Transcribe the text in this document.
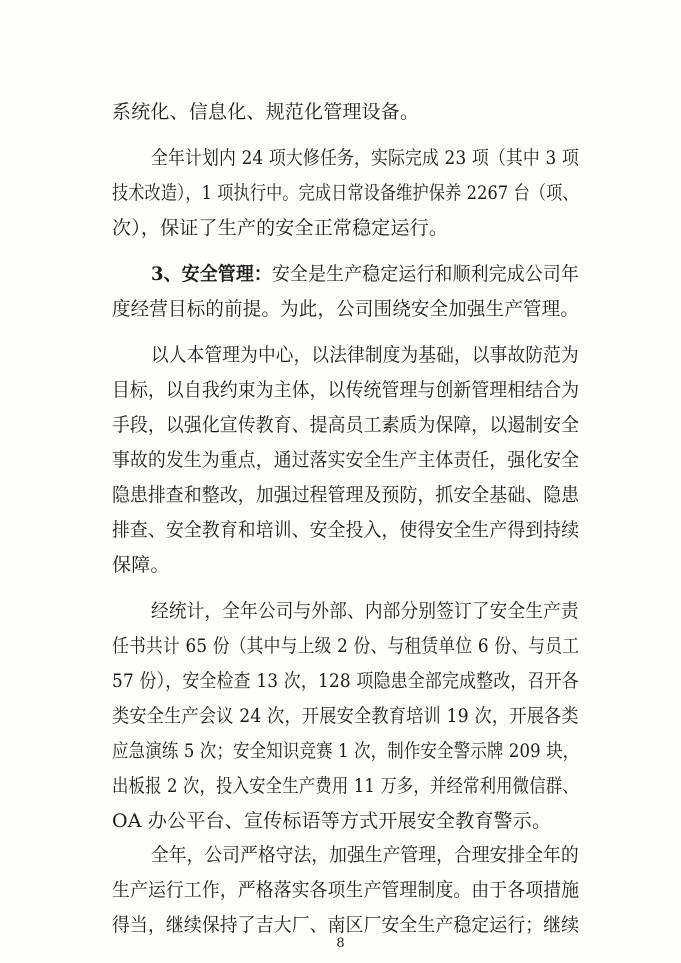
系统化、信息化、规范化管理设备。
全年计划内 24 项大修任务，实际完成 23 项（其中 3 项
技术改造），1 项执行中。完成日常设备维护保养 2267 台（项、
次），保证了生产的安全正常稳定运行。
3、安全管理：安全是生产稳定运行和顺利完成公司年
度经营目标的前提。为此，公司围绕安全加强生产管理。
以人本管理为中心，以法律制度为基础，以事故防范为
目标，以自我约束为主体，以传统管理与创新管理相结合为
手段，以强化宣传教育、提高员工素质为保障，以遏制安全
事故的发生为重点，通过落实安全生产主体责任，强化安全
隐患排查和整改，加强过程管理及预防，抓安全基础、隐患
排查、安全教育和培训、安全投入，使得安全生产得到持续
保障。
经统计，全年公司与外部、内部分别签订了安全生产责
任书共计 65 份（其中与上级 2 份、与租赁单位 6 份、与员工
57 份），安全检查 13 次，128 项隐患全部完成整改，召开各
类安全生产会议 24 次，开展安全教育培训 19 次，开展各类
应急演练 5 次；安全知识竞赛 1 次，制作安全警示牌 209 块，
出板报 2 次，投入安全生产费用 11 万多，并经常利用微信群、
OA 办公平台、宣传标语等方式开展安全教育警示。
全年，公司严格守法，加强生产管理，合理安排全年的
生产运行工作，严格落实各项生产管理制度。由于各项措施
得当，继续保持了吉大厂、南区厂安全生产稳定运行；继续
8
